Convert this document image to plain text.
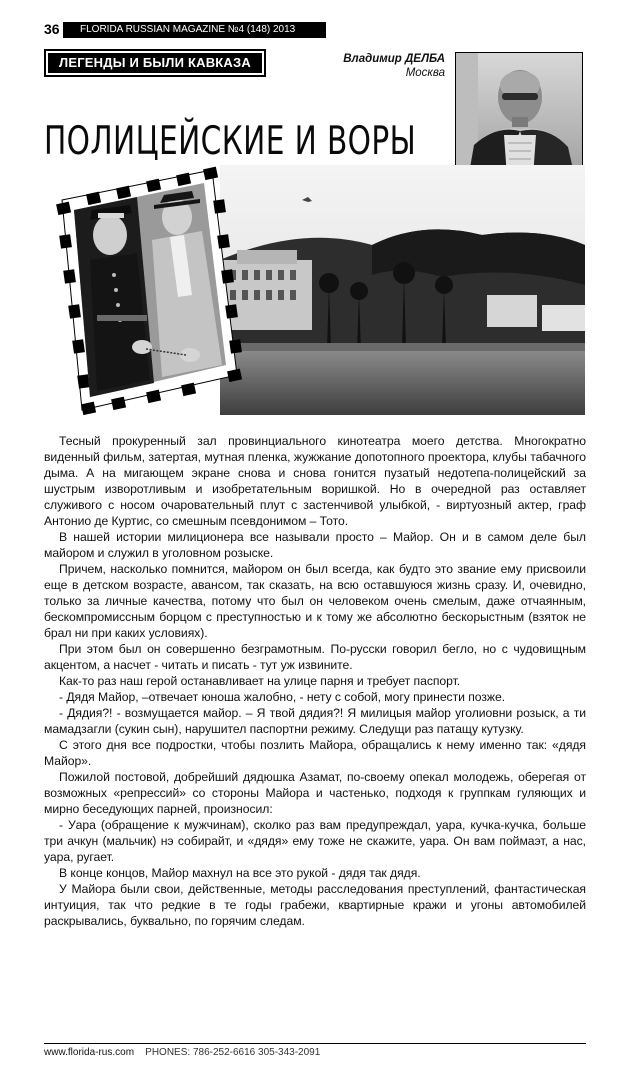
36	FLORIDA RUSSIAN MAGAZINE №4 (148) 2013
ЛЕГЕНДЫ И БЫЛИ КАВКАЗА	Владимир ДЕЛБА
Москва
ПОЛИЦЕЙСКИЕ И ВОРЫ

Тесный прокуренный зал провинциального кинотеатра моего детства. Многократно виденный фильм, затертая, мутная пленка, жужжание допотопного проектора, клубы табачного дыма. А на мигающем экране снова и снова гонится пузатый недотепа-полицейский за шустрым изворотливым и изобретательным воришкой. Но в очередной раз оставляет служивого с носом очаровательный плут с застенчивой улыбкой, - виртуозный актер, граф Антонио де Куртис, со смешным псевдонимом – Тото.

В нашей истории милиционера все называли просто – Майор. Он и в самом деле был майором и служил в уголовном розыске.

Причем, насколько помнится, майором он был всегда, как будто это звание ему присвоили еще в детском возрасте, авансом, так сказать, на всю оставшуюся жизнь сразу. И, очевидно, только за личные качества, потому что был он человеком очень смелым, даже отчаянным, бескомпромиссным борцом с преступностью и к тому же абсолютно бескорыстным (взяток не брал ни при каких условиях).

При этом был он совершенно безграмотным. По-русски говорил бегло, но с чудовищным акцентом, а насчет - читать и писать - тут уж извините.

Как-то раз наш герой останавливает на улице парня и требует паспорт.

- Дядя Майор, –отвечает юноша жалобно, - нету с собой, могу принести позже.

- Дядия?! - возмущается майор. – Я твой дядия?! Я милицыя майор уголиовни розыск, а ти мамадзагли (сукин сын), нарушител паспортни режиму. Следущи раз патащу кутузку.

С этого дня все подростки, чтобы позлить Майора, обращались к нему именно так: «дядя Майор».

Пожилой постовой, добрейший дядюшка Азамат, по-своему опекал молодежь, оберегая от возможных «репрессий» со стороны Майора и частенько, подходя к группкам гуляющих и мирно беседующих парней, произносил:

- Уара (обращение к мужчинам), сколко раз вам предупреждал, уара, кучка-кучка, больше три ачкун (мальчик) нэ собирайт, и «дядя» ему тоже не скажите, уара. Он вам поймаэт, а нас, уара, ругает.

В конце концов, Майор махнул на все это рукой - дядя так дядя.

У Майора были свои, действенные, методы расследования преступлений, фантастическая интуиция, так что редкие в те годы грабежи, квартирные кражи и угоны автомобилей раскрывались, буквально, по горячим следам.

www.florida-rus.com PHONES: 786-252-6616 305-343-2091
